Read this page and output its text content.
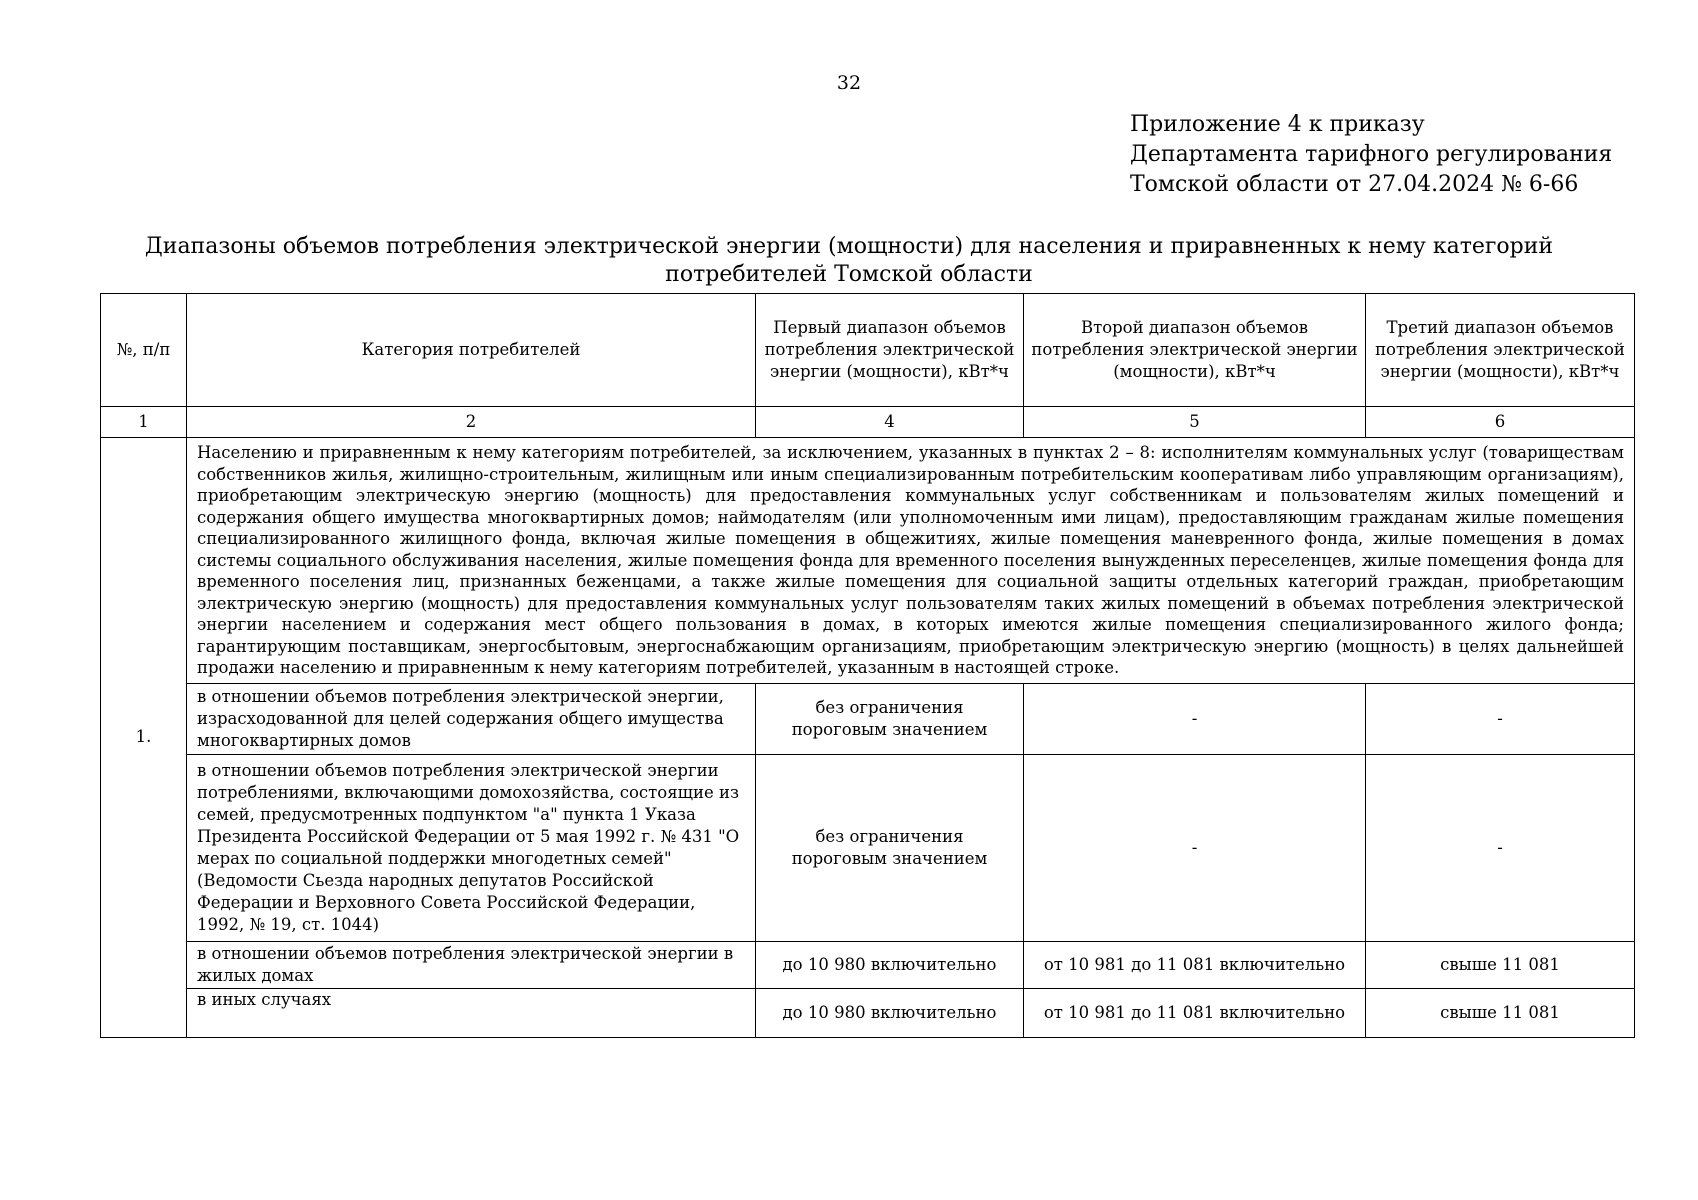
32
Приложение 4 к приказу
Департамента тарифного регулирования
Томской области от 27.04.2024 № 6-66
Диапазоны объемов потребления электрической энергии (мощности) для населения и приравненных к нему категорий
потребителей Томской области
№, п/п	Категория потребителей	Первый диапазон объемов потребления электрической энергии (мощности), кВт*ч	Второй диапазон объемов потребления электрической энергии (мощности), кВт*ч	Третий диапазон объемов потребления электрической энергии (мощности), кВт*ч
1	2	4	5	6
1.	Населению и приравненным к нему категориям потребителей, за исключением, указанных в пунктах 2 – 8: исполнителям коммунальных услуг (товариществам собственников жилья, жилищно-строительным, жилищным или иным специализированным потребительским кооперативам либо управляющим организациям), приобретающим электрическую энергию (мощность) для предоставления коммунальных услуг собственникам и пользователям жилых помещений и содержания общего имущества многоквартирных домов; наймодателям (или уполномоченным ими лицам), предоставляющим гражданам жилые помещения специализированного жилищного фонда, включая жилые помещения в общежитиях, жилые помещения маневренного фонда, жилые помещения в домах системы социального обслуживания населения, жилые помещения фонда для временного поселения вынужденных переселенцев, жилые помещения фонда для временного поселения лиц, признанных беженцами, а также жилые помещения для социальной защиты отдельных категорий граждан, приобретающим электрическую энергию (мощность) для предоставления коммунальных услуг пользователям таких жилых помещений в объемах потребления электрической энергии населением и содержания мест общего пользования в домах, в которых имеются жилые помещения специализированного жилого фонда; гарантирующим поставщикам, энергосбытовым, энергоснабжающим организациям, приобретающим электрическую энергию (мощность) в целях дальнейшей продажи населению и приравненным к нему категориям потребителей, указанным в настоящей строке.			
	в отношении объемов потребления электрической энергии, израсходованной для целей содержания общего имущества многоквартирных домов	без ограничения пороговым значением	-	-
	в отношении объемов потребления электрической энергии потреблениями, включающими домохозяйства, состоящие из семей, предусмотренных подпунктом "а" пункта 1 Указа Президента Российской Федерации от 5 мая 1992 г. № 431 "О мерах по социальной поддержки многодетных семей" (Ведомости Сьезда народных депутатов Российской Федерации и Верховного Совета Российской Федерации, 1992, № 19, ст. 1044)	без ограничения пороговым значением	-	-
	в отношении объемов потребления электрической энергии в жилых домах	до 10 980 включительно	от 10 981 до 11 081 включительно	свыше 11 081
	в иных случаях	до 10 980 включительно	от 10 981 до 11 081 включительно	свыше 11 081
